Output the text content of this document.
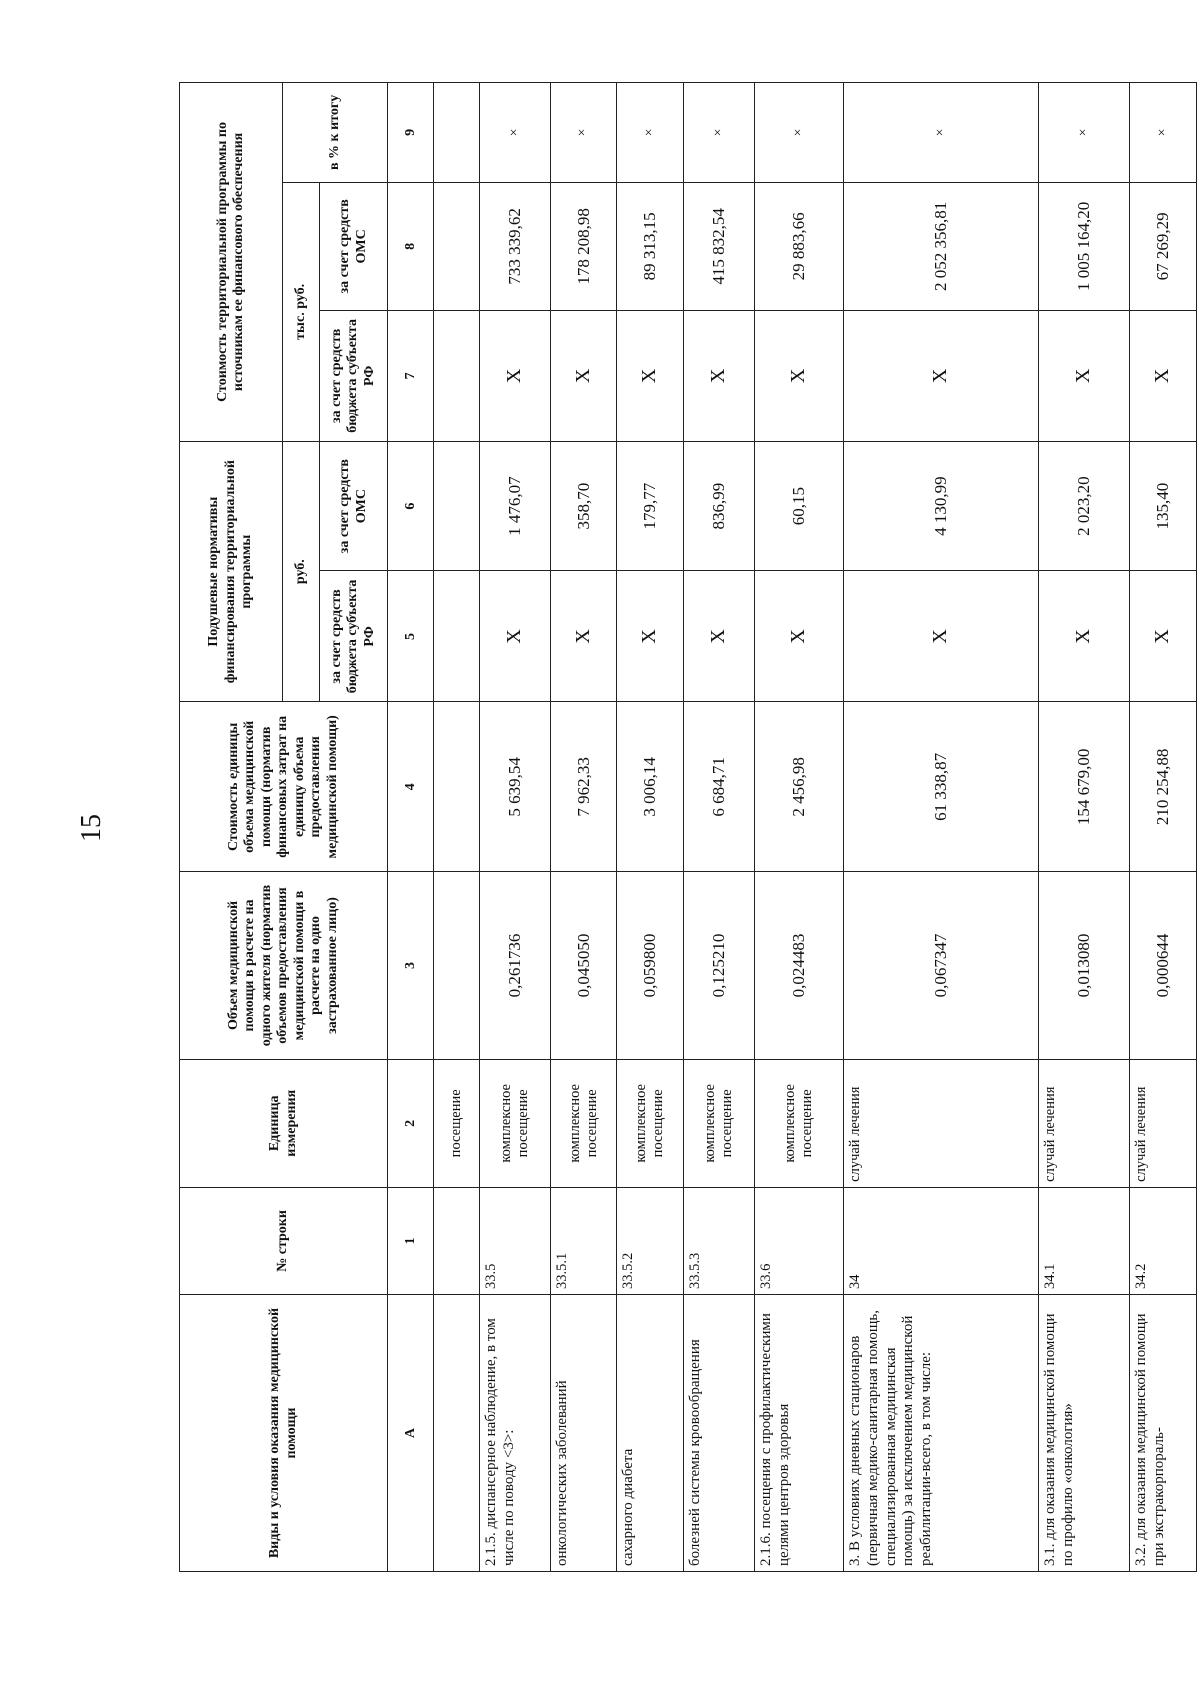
15
Виды и условия оказания медицинской помощи	№ строки	Единица измерения	Объем медицинской помощи в расчете на одного жителя (норматив объемов предоставления медицинской помощи в расчете на одно застрахованное лицо)	Стоимость единицы объема медицинской помощи (норматив финансовых затрат на единицу объема предоставления медицинской помощи)	Подушевые нормативы финансирования территориальной программы		Стоимость территориальной программы по источникам ее финансового обеспечения		
					руб.		тыс. руб.		в % к итогу
					за счет средств бюджета субъекта РФ	за счет средств ОМС	за счет средств бюджета субъекта РФ	за счет средств ОМС	
А	1	2	3	4	5	6	7	8	9
		посещение							
2.1.5. диспансерное наблюдение, в том числе по поводу <3>:	33.5	комплексное посещение	0,261736	5 639,54	Х	1 476,07	Х	733 339,62	×
онкологических заболеваний	33.5.1	комплексное посещение	0,045050	7 962,33	Х	358,70	Х	178 208,98	×
сахарного диабета	33.5.2	комплексное посещение	0,059800	3 006,14	Х	179,77	Х	89 313,15	×
болезней системы кровообращения	33.5.3	комплексное посещение	0,125210	6 684,71	Х	836,99	Х	415 832,54	×
2.1.6. посещения с профилактическими целями центров здоровья	33.6	комплексное посещение	0,024483	2 456,98	Х	60,15	Х	29 883,66	×
3. В условиях дневных стационаров (первичная медико-санитарная помощь, специализированная медицинская помощь) за исключением медицинской реабилитации-всего, в том числе:	34	случай лечения	0,067347	61 338,87	Х	4 130,99	Х	2 052 356,81	×
3.1. для оказания медицинской помощи по профилю «онкология»	34.1	случай лечения	0,013080	154 679,00	Х	2 023,20	Х	1 005 164,20	×
3.2. для оказания медицинской помощи при экстракорпораль-	34.2	случай лечения	0,000644	210 254,88	Х	135,40	Х	67 269,29	×
